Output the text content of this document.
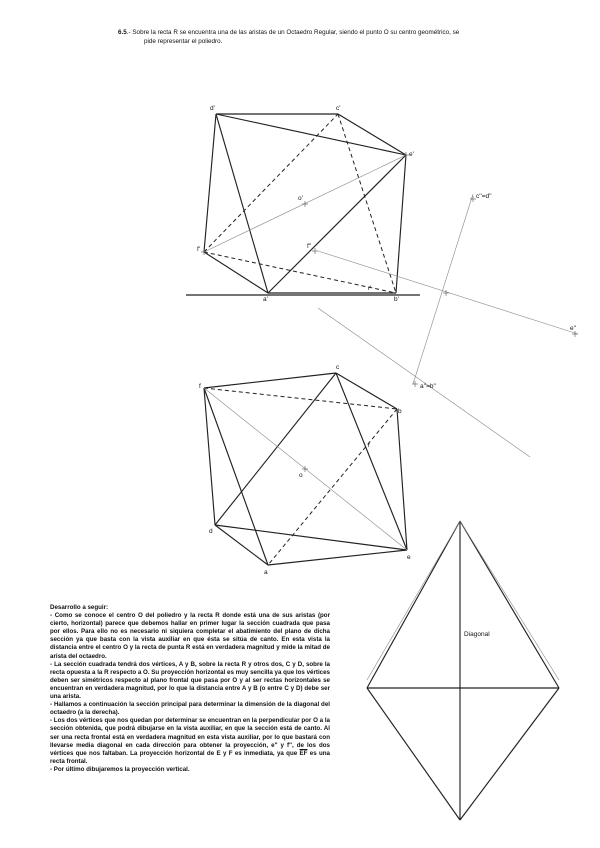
6.5.- Sobre la recta R se encuentra una de las aristas de un Octaedro Regular, siendo el punto O su centro geométrico, se
pide representar el poliedro.
d'	c'
e'
o'
f'	f''
r'
a'	b'
c''=d''
e''
a''=b''
f
c
b
r
o
d
e
a
Diagonal

Desarrollo a seguir:

- Como se conoce el centro O del poliedro y la recta R donde está una de sus aristas (por cierto, horizontal) parece que debemos hallar en primer lugar la sección cuadrada que pasa por ellos. Para ello no es necesario ni siquiera completar el abatimiento del plano de dicha sección ya que basta con la vista auxiliar en que ésta se sitúa de canto. En esta vista la distancia entre el centro O y la recta de punta R está en verdadera magnitud y mide la mitad de arista del octaedro.

- La sección cuadrada tendrá dos vértices, A y B, sobre la recta R y otros dos, C y D, sobre la recta opuesta a la R respecto a O. Su proyección horizontal es muy sencilla ya que los vértices deben ser simétricos respecto al plano frontal que pasa por O y al ser rectas horizontales se encuentran en verdadera magnitud, por lo que la distancia entre A y B (o entre C y D) debe ser una arista.

- Hallamos a continuación la sección principal para determinar la dimensión de la diagonal del octaedro (a la derecha).

- Los dos vértices que nos quedan por determinar se encuentran en la perpendicular por O a la sección obtenida, que podrá dibujarse en la vista auxiliar, en que la sección está de canto. Al ser una recta frontal está en verdadera magnitud en esta vista auxiliar, por lo que bastará con llevarse media diagonal en cada dirección para obtener la proyección, e'' y f'', de los dos vértices que nos faltaban. La proyección horizontal de E y F es inmediata, ya que $\overline{EF}$ es una recta frontal.

- Por último dibujaremos la proyección vertical.
